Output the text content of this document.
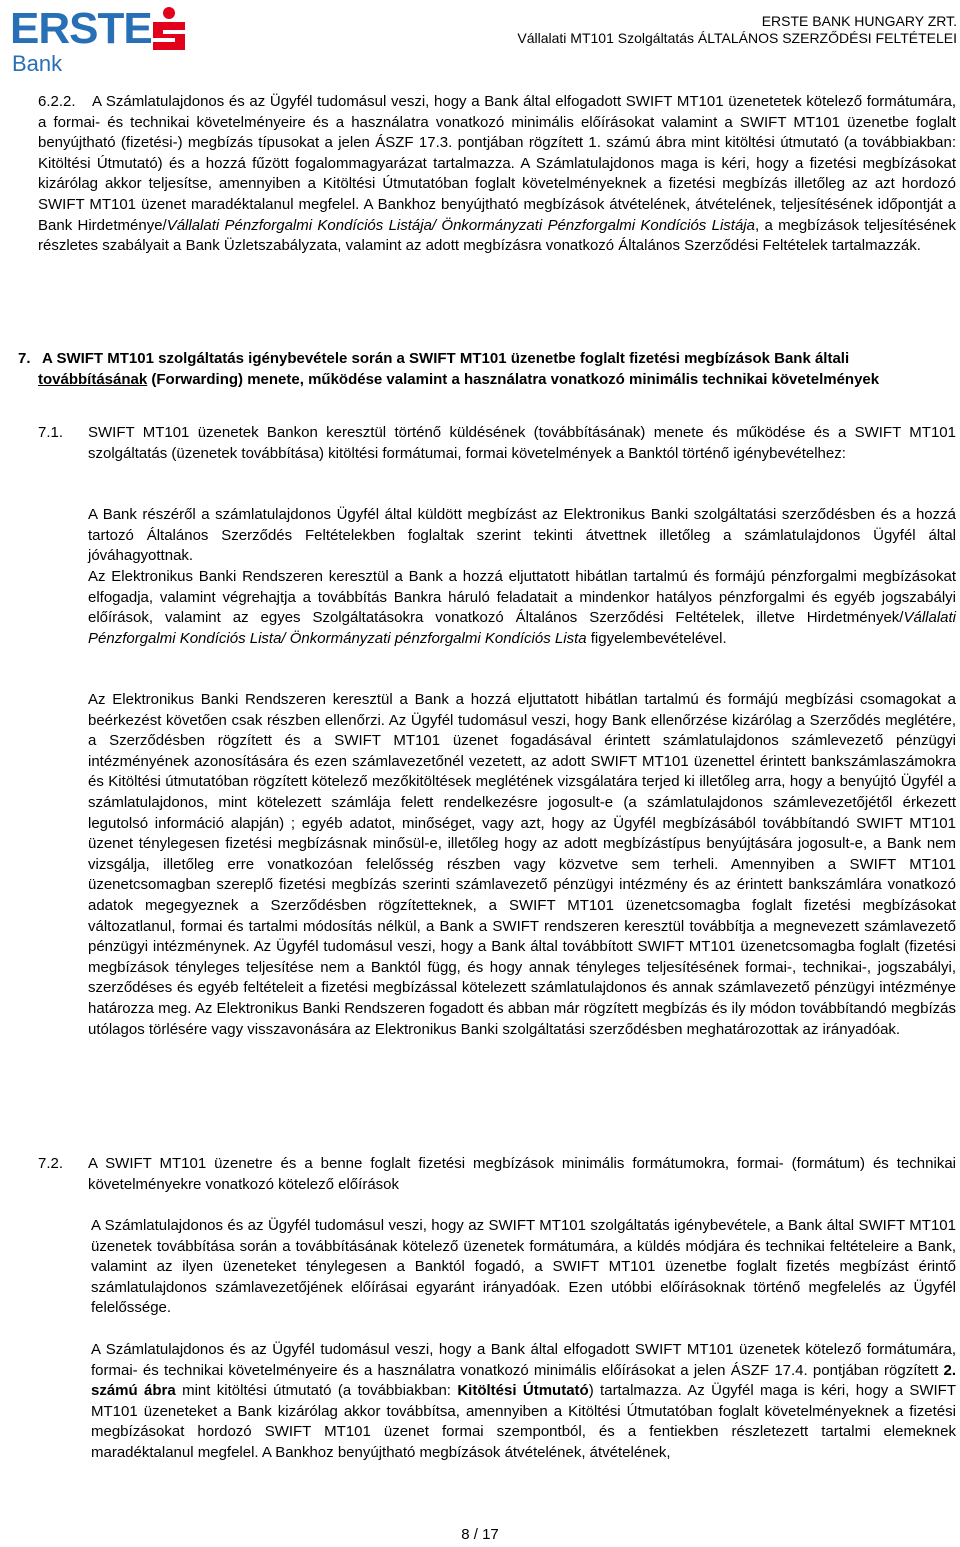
ERSTE
Bank
ERSTE BANK HUNGARY ZRT.
Vállalati MT101 Szolgáltatás ÁLTALÁNOS SZERZŐDÉSI FELTÉTELEI
6.2.2.	A Számlatulajdonos és az Ügyfél tudomásul veszi, hogy a Bank által elfogadott SWIFT MT101 üzenetetek kötelező formátumára, a formai- és technikai követelményeire és a használatra vonatkozó minimális előírásokat valamint a SWIFT MT101 üzenetbe foglalt benyújtható (fizetési-) megbízás típusokat a jelen ÁSZF 17.3. pontjában rögzített 1. számú ábra mint kitöltési útmutató (a továbbiakban: Kitöltési Útmutató) és a hozzá fűzött fogalommagyarázat tartalmazza. A Számlatulajdonos maga is kéri, hogy a fizetési megbízásokat kizárólag akkor teljesítse, amennyiben a Kitöltési Útmutatóban foglalt követelményeknek a fizetési megbízás illetőleg az azt hordozó SWIFT MT101 üzenet maradéktalanul megfelel. A Bankhoz benyújtható megbízások átvételének, átvételének, teljesítésének időpontját a Bank Hirdetménye/Vállalati Pénzforgalmi Kondíciós Listája/ Önkormányzati Pénzforgalmi Kondíciós Listája, a megbízások teljesítésének részletes szabályait a Bank Üzletszabályzata, valamint az adott megbízásra vonatkozó Általános Szerződési Feltételek tartalmazzák.

7. A SWIFT MT101 szolgáltatás igénybevétele során a SWIFT MT101 üzenetbe foglalt fizetési megbízások Bank általi továbbításának (Forwarding) menete, működése valamint a használatra vonatkozó minimális technikai követelmények

7.1. SWIFT MT101 üzenetek Bankon keresztül történő küldésének (továbbításának) menete és működése és a SWIFT MT101 szolgáltatás (üzenetek továbbítása) kitöltési formátumai, formai követelmények a Banktól történő igénybevételhez:

A Bank részéről a számlatulajdonos Ügyfél által küldött megbízást az Elektronikus Banki szolgáltatási szerződésben és a hozzá tartozó Általános Szerződés Feltételekben foglaltak szerint tekinti átvettnek illetőleg a számlatulajdonos Ügyfél által jóváhagyottnak.

Az Elektronikus Banki Rendszeren keresztül a Bank a hozzá eljuttatott hibátlan tartalmú és formájú pénzforgalmi megbízásokat elfogadja, valamint végrehajtja a továbbítás Bankra háruló feladatait a mindenkor hatályos pénzforgalmi és egyéb jogszabályi előírások, valamint az egyes Szolgáltatásokra vonatkozó Általános Szerződési Feltételek, illetve Hirdetmények/Vállalati Pénzforgalmi Kondíciós Lista/ Önkormányzati pénzforgalmi Kondíciós Lista figyelembevételével.

Az Elektronikus Banki Rendszeren keresztül a Bank a hozzá eljuttatott hibátlan tartalmú és formájú megbízási csomagokat a beérkezést követően csak részben ellenőrzi. Az Ügyfél tudomásul veszi, hogy Bank ellenőrzése kizárólag a Szerződés meglétére, a Szerződésben rögzített és a SWIFT MT101 üzenet fogadásával érintett számlatulajdonos számlevezető pénzügyi intézményének azonosítására és ezen számlavezetőnél vezetett, az adott SWIFT MT101 üzenettel érintett bankszámlaszámokra és Kitöltési útmutatóban rögzített kötelező mezőkitöltések meglétének vizsgálatára terjed ki illetőleg arra, hogy a benyújtó Ügyfél a számlatulajdonos, mint kötelezett számlája felett rendelkezésre jogosult-e (a számlatulajdonos számlevezetőjétől érkezett legutolsó információ alapján) ; egyéb adatot, minőséget, vagy azt, hogy az Ügyfél megbízásából továbbítandó SWIFT MT101 üzenet ténylegesen fizetési megbízásnak minősül-e, illetőleg hogy az adott megbízástípus benyújtására jogosult-e, a Bank nem vizsgálja, illetőleg erre vonatkozóan felelősség részben vagy közvetve sem terheli. Amennyiben a SWIFT MT101 üzenetcsomagban szereplő fizetési megbízás szerinti számlavezető pénzügyi intézmény és az érintett bankszámlára vonatkozó adatok megegyeznek a Szerződésben rögzítetteknek, a SWIFT MT101 üzenetcsomagba foglalt fizetési megbízásokat változatlanul, formai és tartalmi módosítás nélkül, a Bank a SWIFT rendszeren keresztül továbbítja a megnevezett számlavezető pénzügyi intézménynek. Az Ügyfél tudomásul veszi, hogy a Bank által továbbított SWIFT MT101 üzenetcsomagba foglalt (fizetési megbízások tényleges teljesítése nem a Banktól függ, és hogy annak tényleges teljesítésének formai-, technikai-, jogszabályi, szerződéses és egyéb feltételeit a fizetési megbízással kötelezett számlatulajdonos és annak számlavezető pénzügyi intézménye határozza meg. Az Elektronikus Banki Rendszeren fogadott és abban már rögzített megbízás és ily módon továbbítandó megbízás utólagos törlésére vagy visszavonására az Elektronikus Banki szolgáltatási szerződésben meghatározottak az irányadóak.

7.2. A SWIFT MT101 üzenetre és a benne foglalt fizetési megbízások minimális formátumokra, formai- (formátum) és technikai követelményekre vonatkozó kötelező előírások

A Számlatulajdonos és az Ügyfél tudomásul veszi, hogy az SWIFT MT101 szolgáltatás igénybevétele, a Bank által SWIFT MT101 üzenetek továbbítása során a továbbításának kötelező üzenetek formátumára, a küldés módjára és technikai feltételeire a Bank, valamint az ilyen üzeneteket ténylegesen a Banktól fogadó, a SWIFT MT101 üzenetbe foglalt fizetés megbízást érintő számlatulajdonos számlavezetőjének előírásai egyaránt irányadóak. Ezen utóbbi előírásoknak történő megfelelés az Ügyfél felelőssége.

A Számlatulajdonos és az Ügyfél tudomásul veszi, hogy a Bank által elfogadott SWIFT MT101 üzenetek kötelező formátumára, formai- és technikai követelményeire és a használatra vonatkozó minimális előírásokat a jelen ÁSZF 17.4. pontjában rögzített 2. számú ábra mint kitöltési útmutató (a továbbiakban: Kitöltési Útmutató) tartalmazza. Az Ügyfél maga is kéri, hogy a SWIFT MT101 üzeneteket a Bank kizárólag akkor továbbítsa, amennyiben a Kitöltési Útmutatóban foglalt követelményeknek a fizetési megbízásokat hordozó SWIFT MT101 üzenet formai szempontból, és a fentiekben részletezett tartalmi elemeknek maradéktalanul megfelel. A Bankhoz benyújtható megbízások átvételének, átvételének,

8 / 17
